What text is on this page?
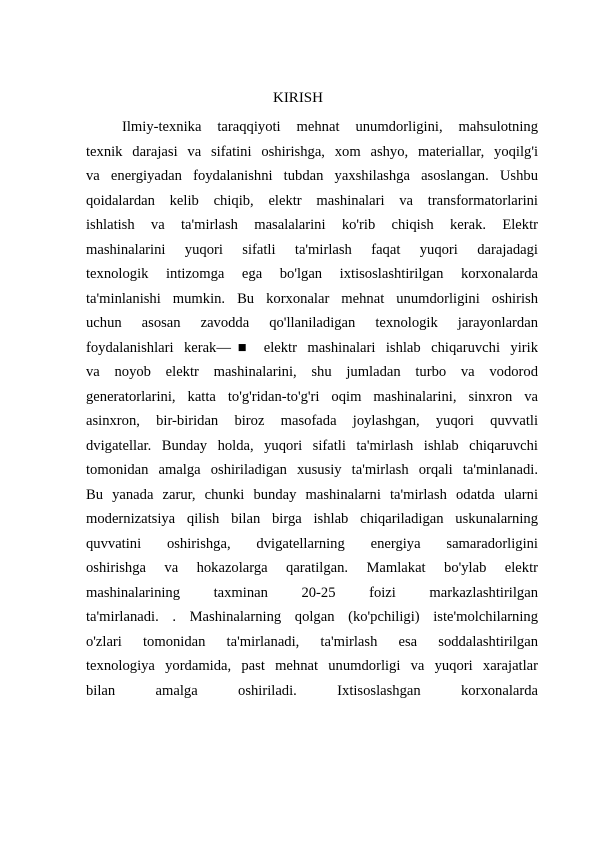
KIRISH
Ilmiy-texnika taraqqiyoti mehnat unumdorligini, mahsulotning
texnik darajasi va sifatini oshirishga, xom ashyo, materiallar, yoqilg'i
va energiyadan foydalanishni tubdan yaxshilashga asoslangan. Ushbu
qoidalardan kelib chiqib, elektr mashinalari va transformatorlarini
ishlatish va ta'mirlash masalalarini ko'rib chiqish kerak. Elektr
mashinalarini yuqori sifatli ta'mirlash faqat yuqori darajadagi
texnologik intizomga ega bo'lgan ixtisoslashtirilgan korxonalarda
ta'minlanishi mumkin. Bu korxonalar mehnat unumdorligini oshirish
uchun asosan zavodda qo'llaniladigan texnologik jarayonlardan
foydalanishlari kerak—■ elektr mashinalari ishlab chiqaruvchi yirik
va noyob elektr mashinalarini, shu jumladan turbo va vodorod
generatorlarini, katta to'g'ridan-to'g'ri oqim mashinalarini, sinxron va
asinxron, bir-biridan biroz masofada joylashgan, yuqori quvvatli
dvigatellar. Bunday holda, yuqori sifatli ta'mirlash ishlab chiqaruvchi
tomonidan amalga oshiriladigan xususiy ta'mirlash orqali ta'minlanadi.
Bu yanada zarur, chunki bunday mashinalarni ta'mirlash odatda ularni
modernizatsiya qilish bilan birga ishlab chiqariladigan uskunalarning
quvvatini oshirishga, dvigatellarning energiya samaradorligini
oshirishga va hokazolarga qaratilgan. Mamlakat bo'ylab elektr
mashinalarining taxminan 20-25 foizi markazlashtirilgan
ta'mirlanadi. . Mashinalarning qolgan (ko'pchiligi) iste'molchilarning
o'zlari tomonidan ta'mirlanadi, ta'mirlash esa soddalashtirilgan
texnologiya yordamida, past mehnat unumdorligi va yuqori xarajatlar
bilan amalga oshiriladi. Ixtisoslashgan korxonalarda
